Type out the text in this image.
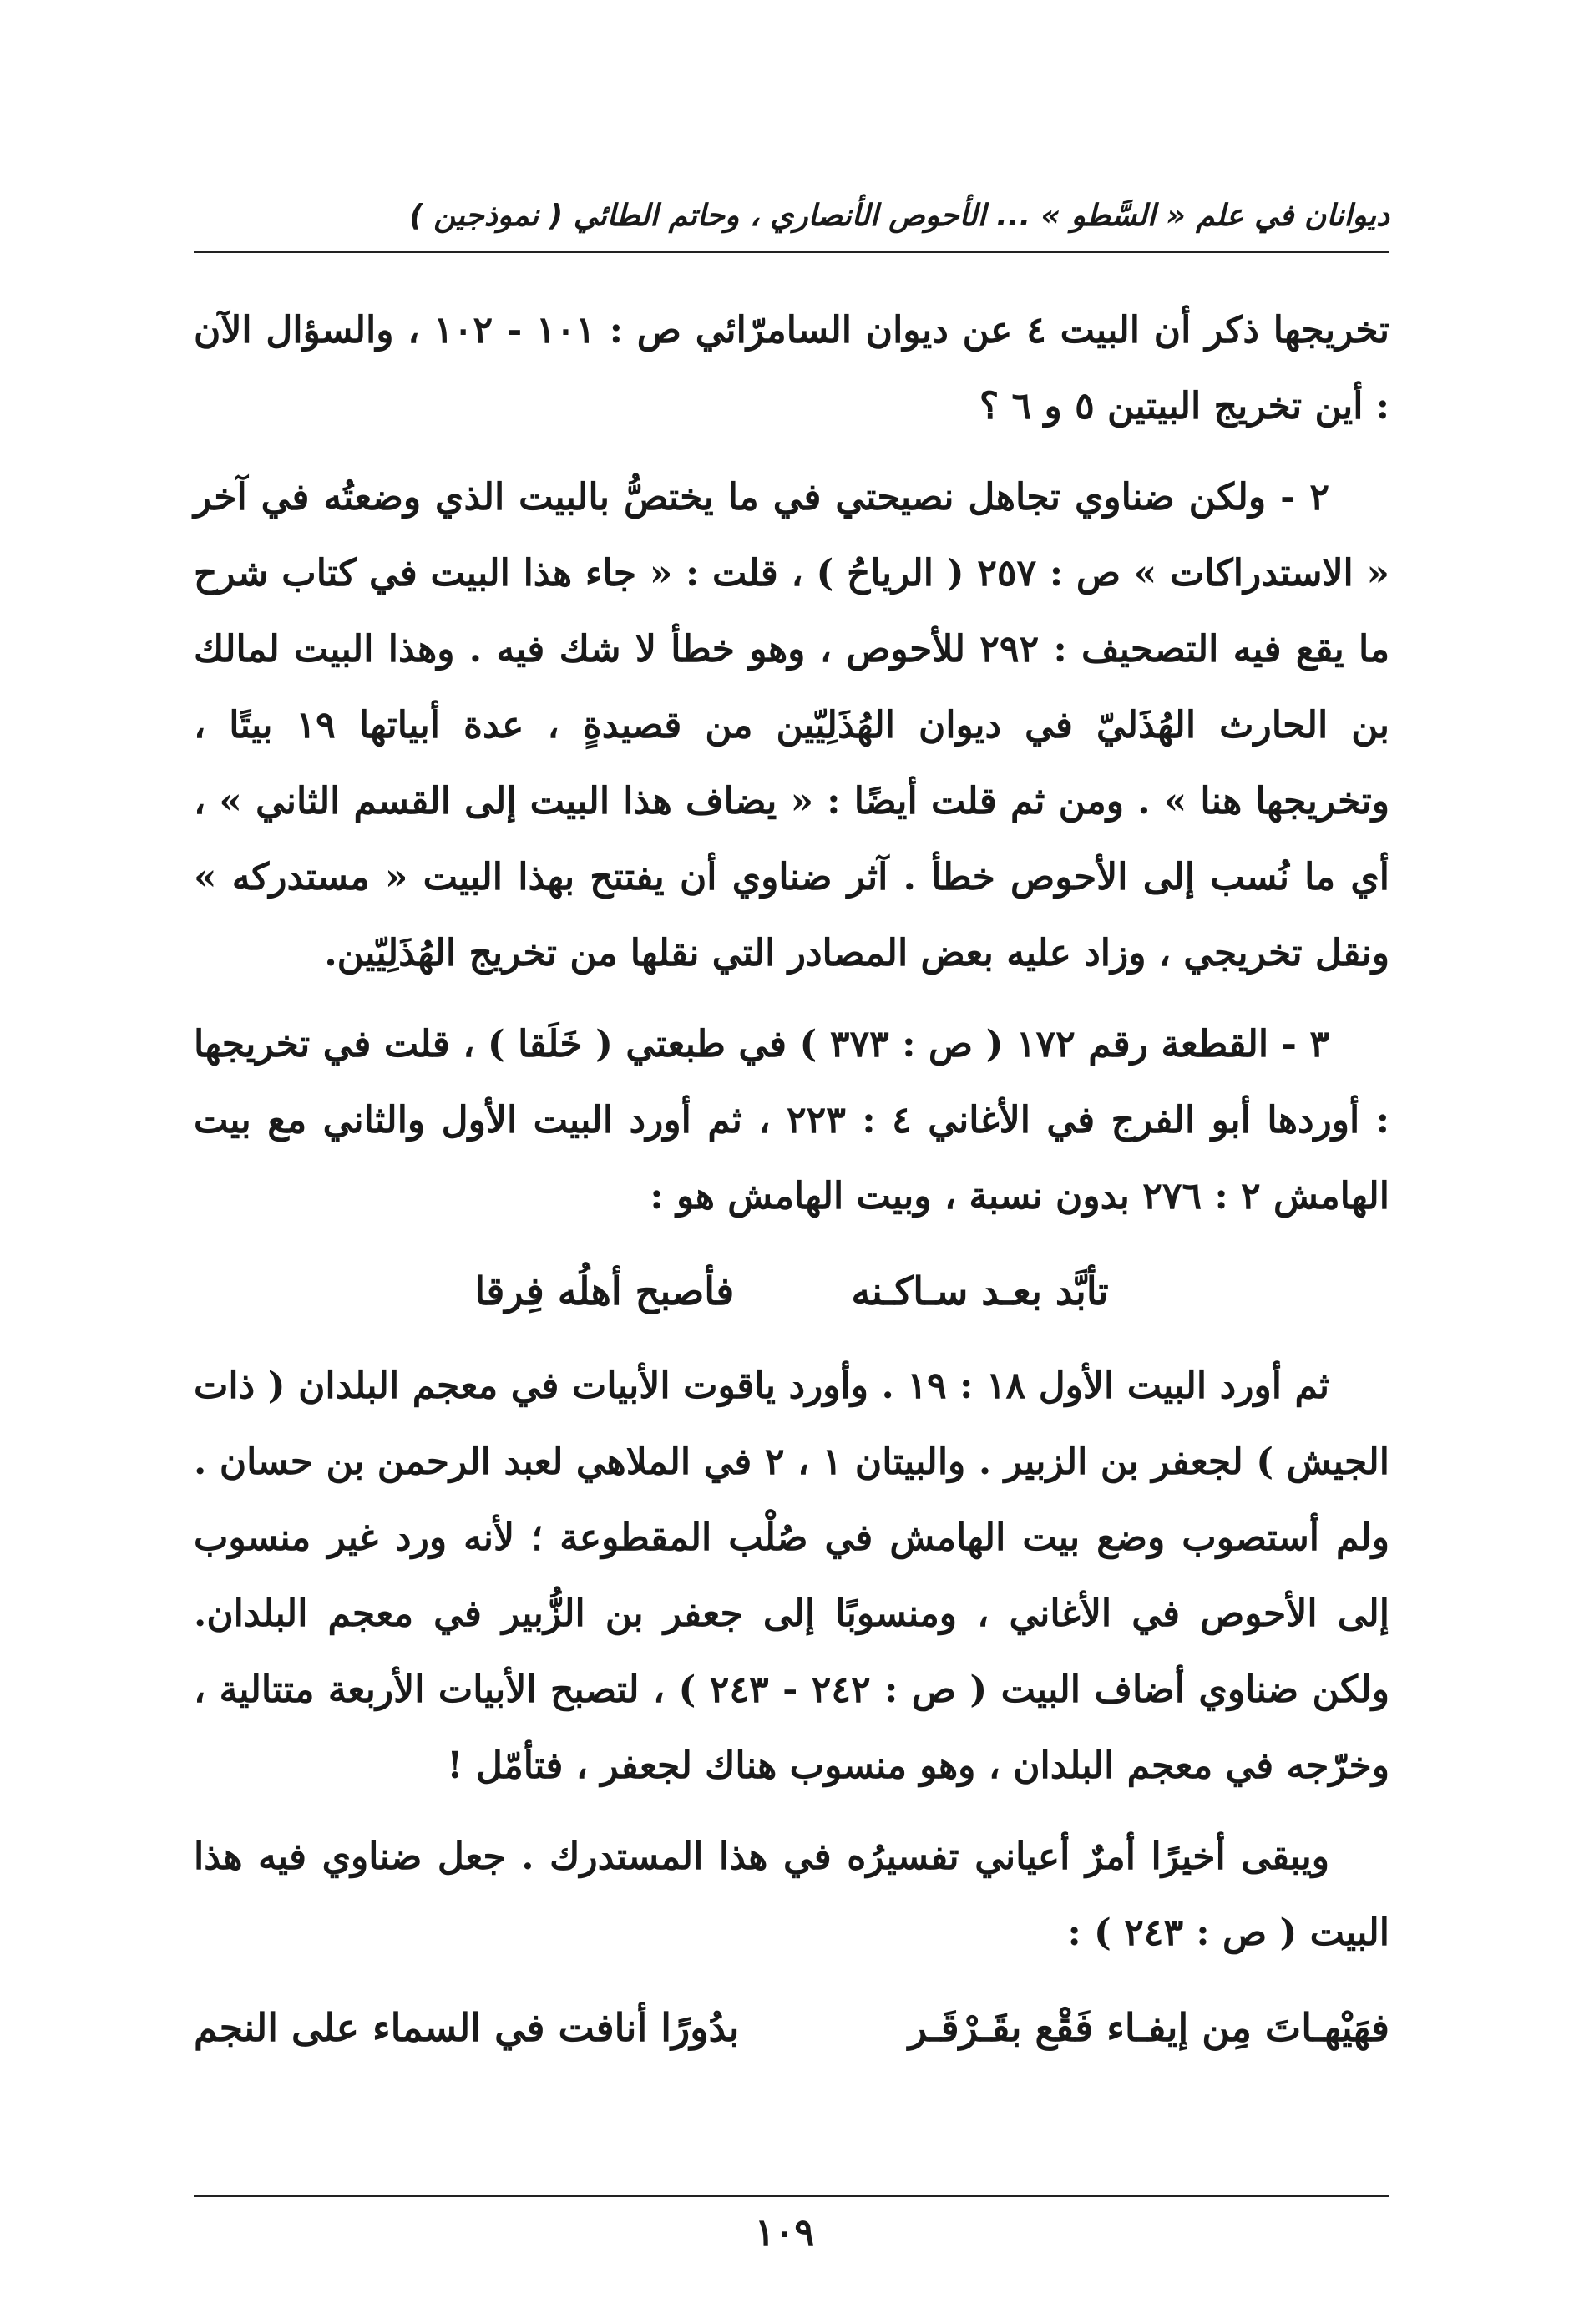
ديوانان في علم « السَّطو » ... الأحوص الأنصاري ، وحاتم الطائي ( نموذجين )

تخريجها ذكر أن البيت ٤ عن ديوان السامرّائي ص : ١٠١ - ١٠٢ ، والسؤال الآن : أين تخريج البيتين ٥ و ٦ ؟

٢ - ولكن ضناوي تجاهل نصيحتي في ما يختصُّ بالبيت الذي وضعتُه في آخر « الاستدراكات » ص : ٢٥٧ ( الرياحُ ) ، قلت : « جاء هذا البيت في كتاب شرح ما يقع فيه التصحيف : ٢٩٢ للأحوص ، وهو خطأ لا شك فيه . وهذا البيت لمالك بن الحارث الهُذَليّ في ديوان الهُذَلِيّين من قصيدةٍ ، عدة أبياتها ١٩ بيتًا ، وتخريجها هنا » . ومن ثم قلت أيضًا : « يضاف هذا البيت إلى القسم الثاني » ، أي ما نُسب إلى الأحوص خطأ . آثر ضناوي أن يفتتح بهذا البيت « مستدركه » ونقل تخريجي ، وزاد عليه بعض المصادر التي نقلها من تخريج الهُذَلِيّين.

٣ - القطعة رقم ١٧٢ ( ص : ٣٧٣ ) في طبعتي ( خَلَقا ) ، قلت في تخريجها : أوردها أبو الفرج في الأغاني ٤ : ٢٢٣ ، ثم أورد البيت الأول والثاني مع بيت الهامش ٢ : ٢٧٦ بدون نسبة ، وبيت الهامش هو :

تأبَّد بعـد سـاكـنه
فأصبح أهلُه فِرقا

ثم أورد البيت الأول ١٨ : ١٩ . وأورد ياقوت الأبيات في معجم البلدان ( ذات الجيش ) لجعفر بن الزبير . والبيتان ١ ، ٢ في الملاهي لعبد الرحمن بن حسان . ولم أستصوب وضع بيت الهامش في صُلْب المقطوعة ؛ لأنه ورد غير منسوب إلى الأحوص في الأغاني ، ومنسوبًا إلى جعفر بن الزُّبير في معجم البلدان. ولكن ضناوي أضاف البيت ( ص : ٢٤٢ - ٢٤٣ ) ، لتصبح الأبيات الأربعة متتالية ، وخرّجه في معجم البلدان ، وهو منسوب هناك لجعفر ، فتأمّل !

ويبقى أخيرًا أمرٌ أعياني تفسيرُه في هذا المستدرك . جعل ضناوي فيه هذا البيت ( ص : ٢٤٣ ) :

فهَيْهـاتَ مِن إيفـاء فَقْع بقَـرْقَـر
بدُورًا أنافت في السماء على النجم
١٠٩
